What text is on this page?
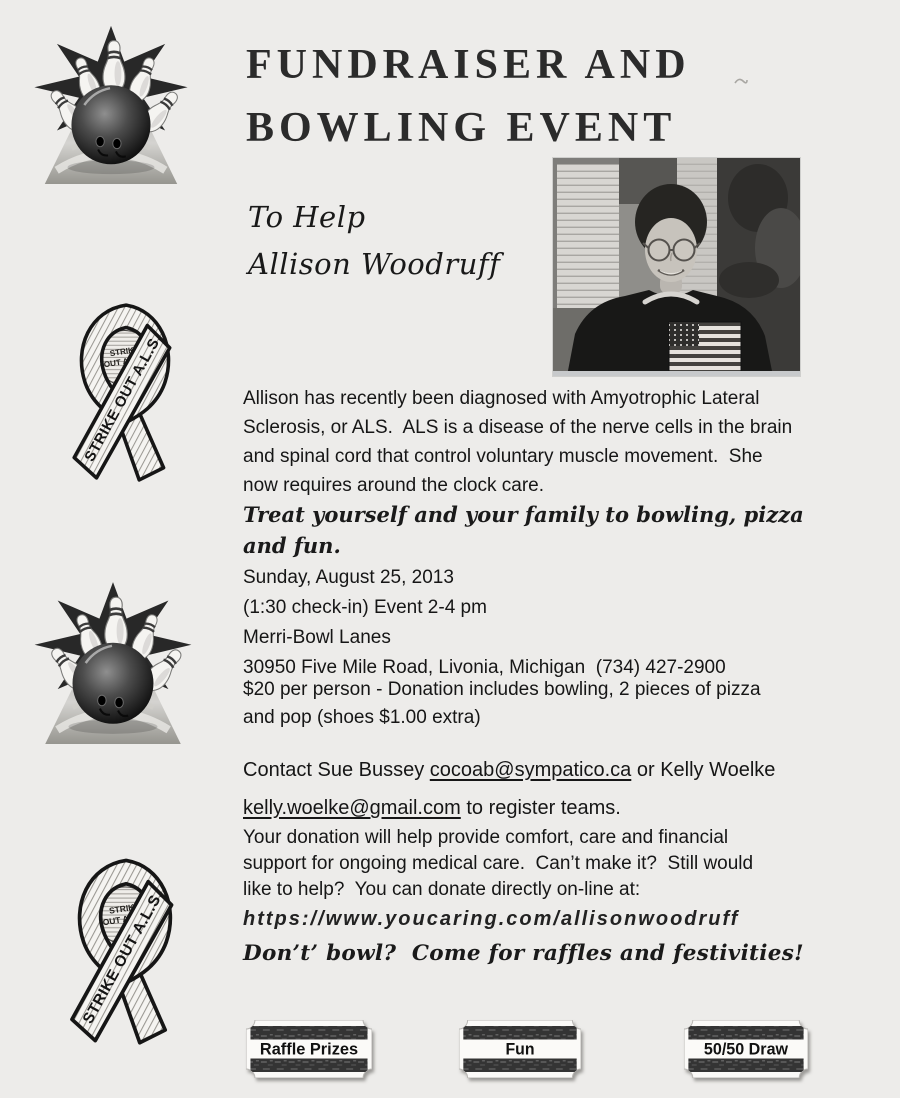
FUNDRAISER AND
BOWLING EVENT
To Help
Allison Woodruff
Allison has recently been diagnosed with Amyotrophic Lateral
Sclerosis, or ALS.  ALS is a disease of the nerve cells in the brain
and spinal cord that control voluntary muscle movement.  She
now requires around the clock care.
Treat yourself and your family to bowling, pizza
and fun.
Sunday, August 25, 2013
(1:30 check-in) Event 2-4 pm
Merri-Bowl Lanes
30950 Five Mile Road, Livonia, Michigan  (734) 427-2900
$20 per person - Donation includes bowling, 2 pieces of pizza
and pop (shoes $1.00 extra)
Contact Sue Bussey cocoab@sympatico.ca or Kelly Woelke
kelly.woelke@gmail.com to register teams.
Your donation will help provide comfort, care and financial
support for ongoing medical care.  Can’t make it?  Still would
like to help?  You can donate directly on-line at:
https://www.youcaring.com/allisonwoodruff
Don’t’ bowl?  Come for raffles and festivities!
Raffle Prizes	Fun	50/50 Draw
